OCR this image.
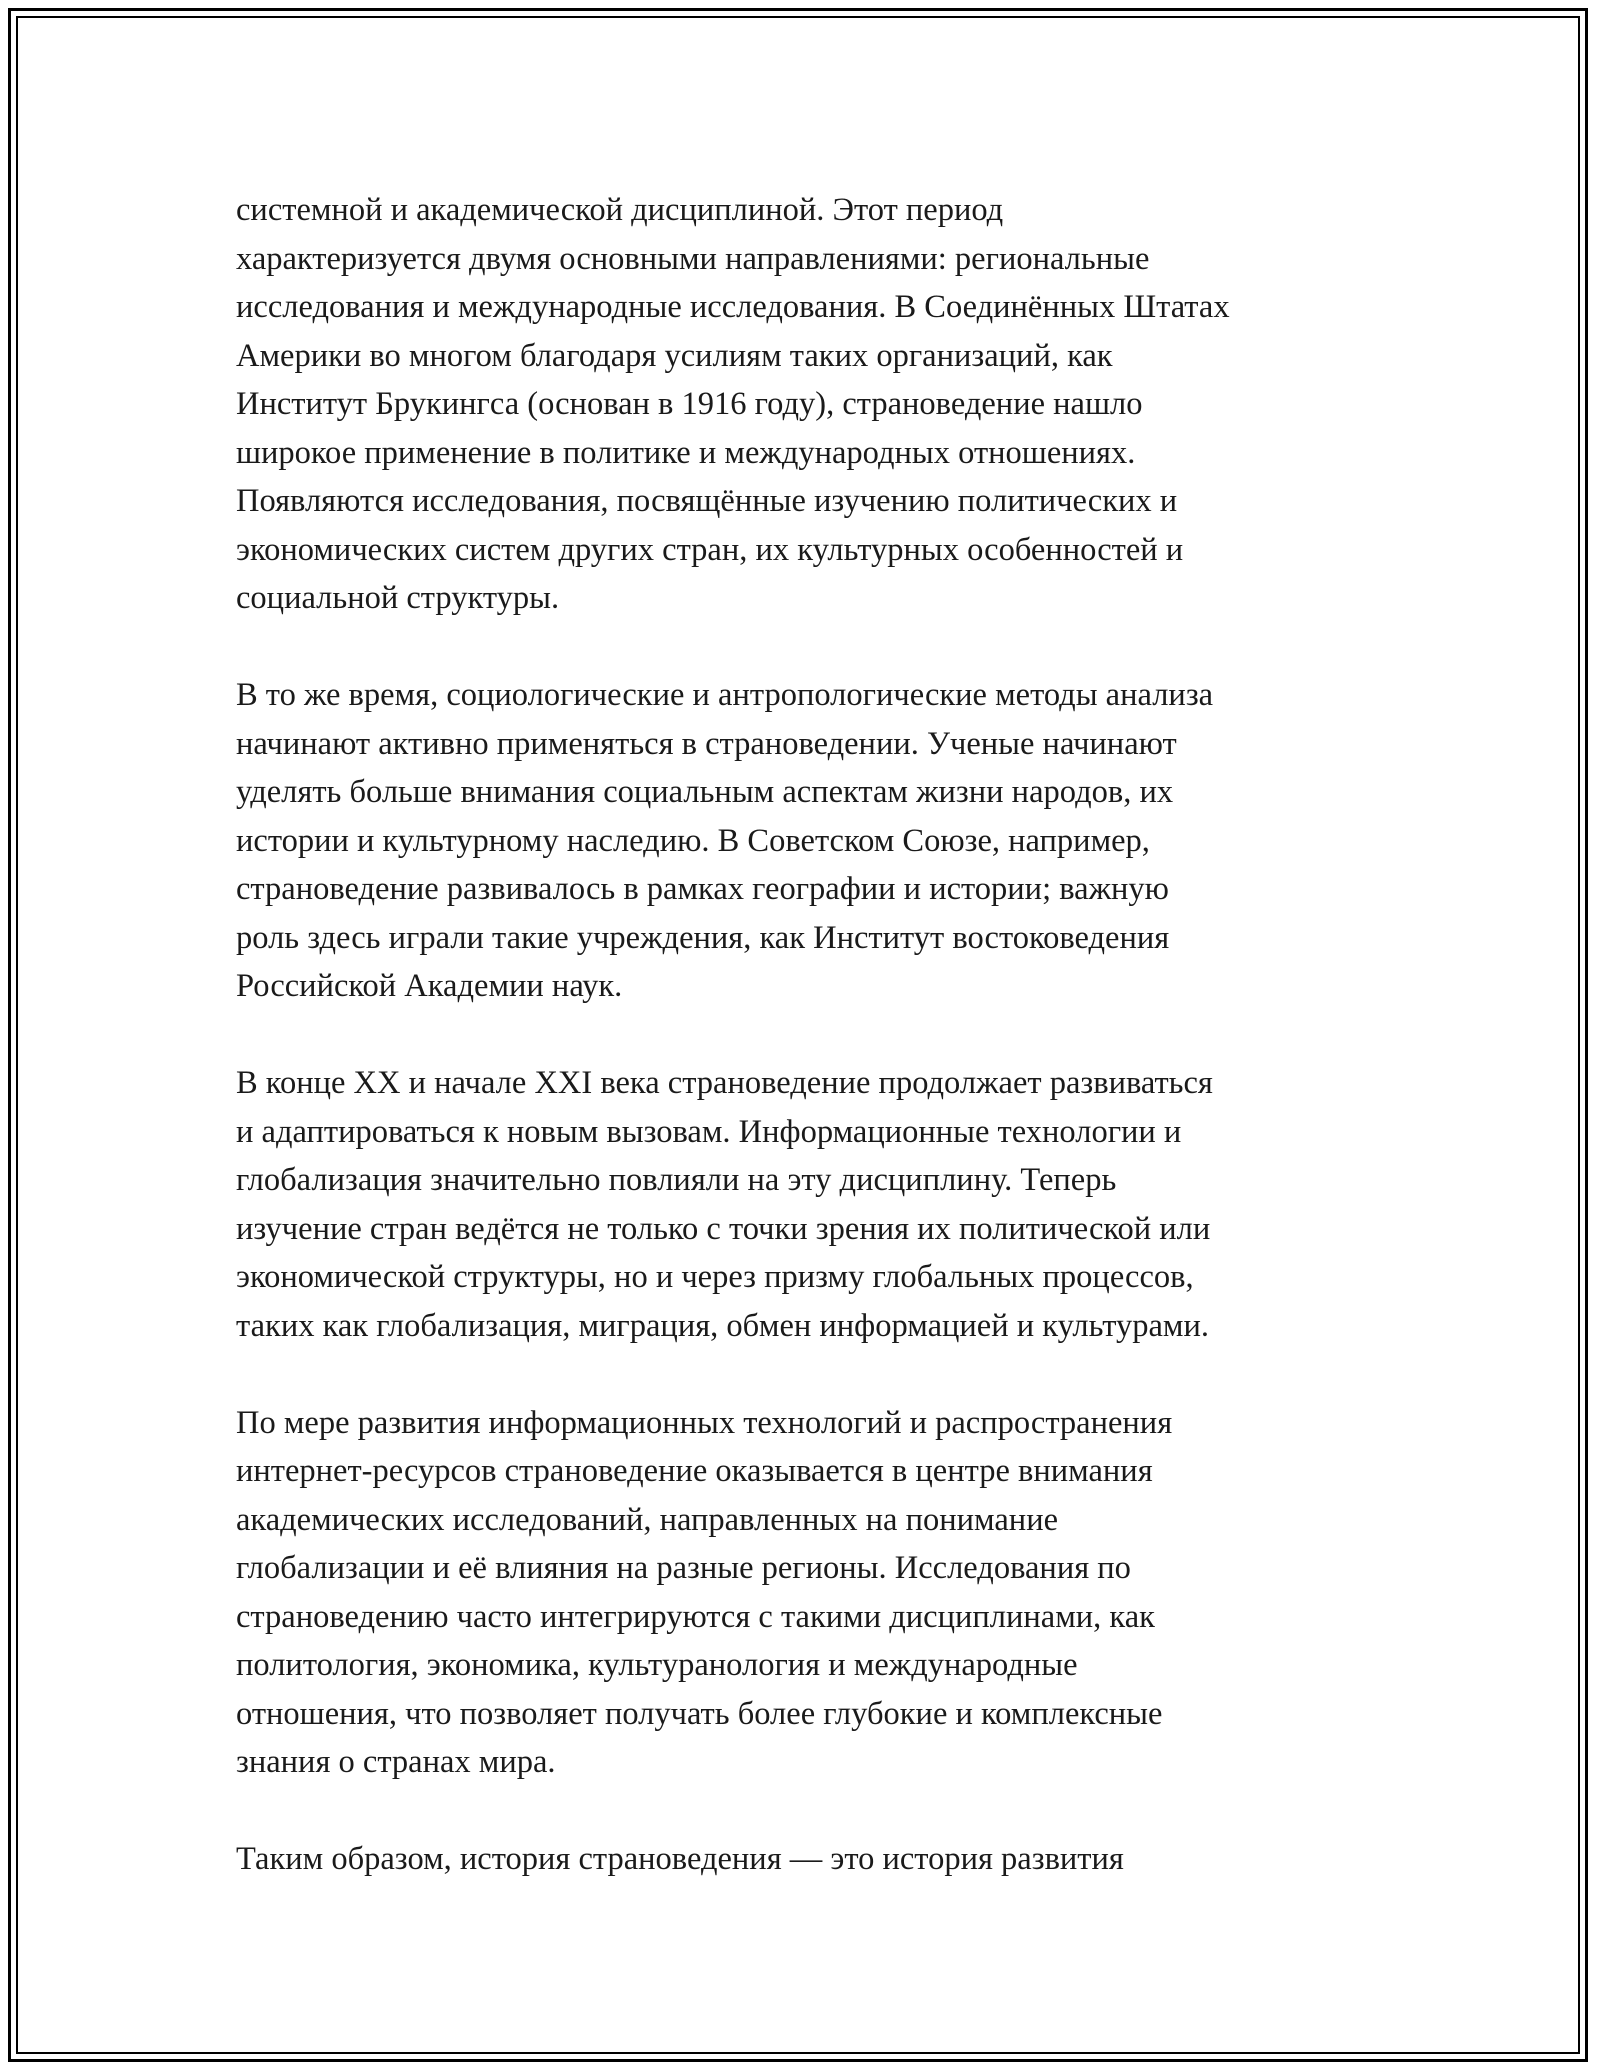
системной и академической дисциплиной. Этот период
характеризуется двумя основными направлениями: региональные
исследования и международные исследования. В Соединённых Штатах
Америки во многом благодаря усилиям таких организаций, как
Институт Брукингса (основан в 1916 году), страноведение нашло
широкое применение в политике и международных отношениях.
Появляются исследования, посвящённые изучению политических и
экономических систем других стран, их культурных особенностей и
социальной структуры.

В то же время, социологические и антропологические методы анализа
начинают активно применяться в страноведении. Ученые начинают
уделять больше внимания социальным аспектам жизни народов, их
истории и культурному наследию. В Советском Союзе, например,
страноведение развивалось в рамках географии и истории; важную
роль здесь играли такие учреждения, как Институт востоковедения
Российской Академии наук.

В конце XX и начале XXI века страноведение продолжает развиваться
и адаптироваться к новым вызовам. Информационные технологии и
глобализация значительно повлияли на эту дисциплину. Теперь
изучение стран ведётся не только с точки зрения их политической или
экономической структуры, но и через призму глобальных процессов,
таких как глобализация, миграция, обмен информацией и культурами.

По мере развития информационных технологий и распространения
интернет-ресурсов страноведение оказывается в центре внимания
академических исследований, направленных на понимание
глобализации и её влияния на разные регионы. Исследования по
страноведению часто интегрируются с такими дисциплинами, как
политология, экономика, культуранология и международные
отношения, что позволяет получать более глубокие и комплексные
знания о странах мира.

Таким образом, история страноведения — это история развития
